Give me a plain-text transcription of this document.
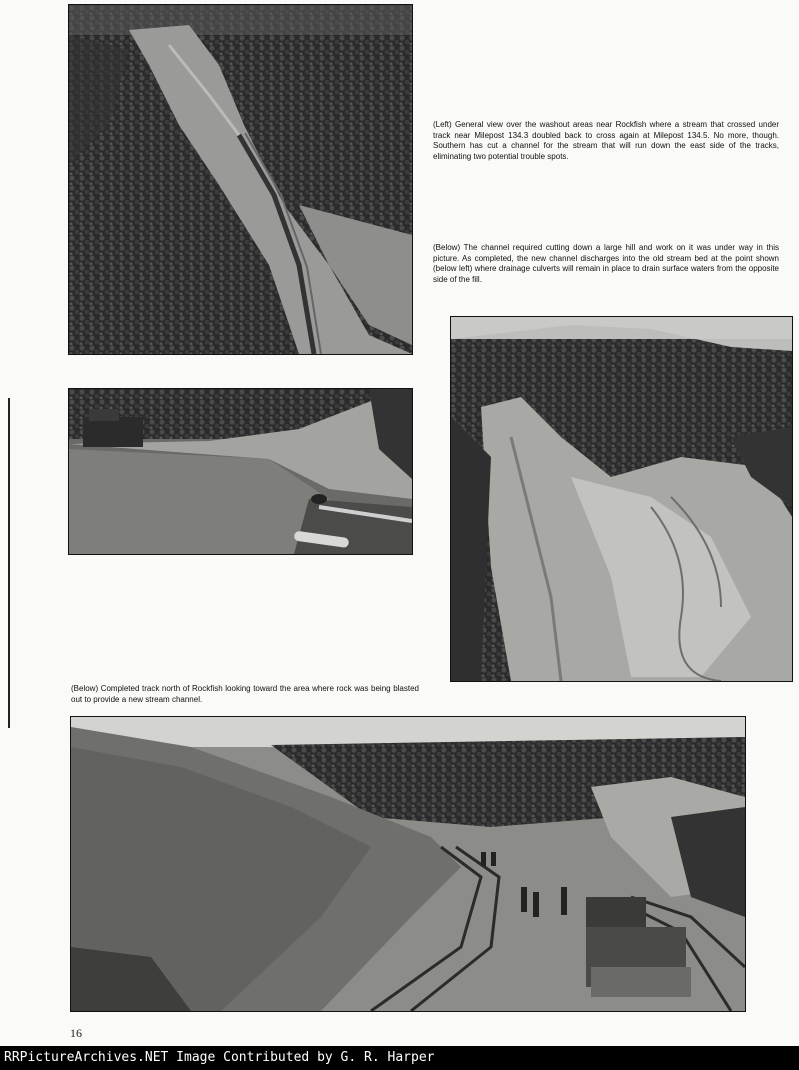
(Left) General view over the washout areas near Rockfish where a stream that crossed under track near Milepost 134.3 doubled back to cross again at Milepost 134.5. No more, though. Southern has cut a channel for the stream that will run down the east side of the tracks, eliminating two potential trouble spots.

(Below) The channel required cutting down a large hill and work on it was under way in this picture. As completed, the new channel discharges into the old stream bed at the point shown (below left) where drainage culverts will remain in place to drain surface waters from the opposite side of the fill.

(Below) Completed track north of Rockfish looking toward the area where rock was being blasted out to provide a new stream channel.

16
RRPictureArchives.NET Image Contributed by G. R. Harper
